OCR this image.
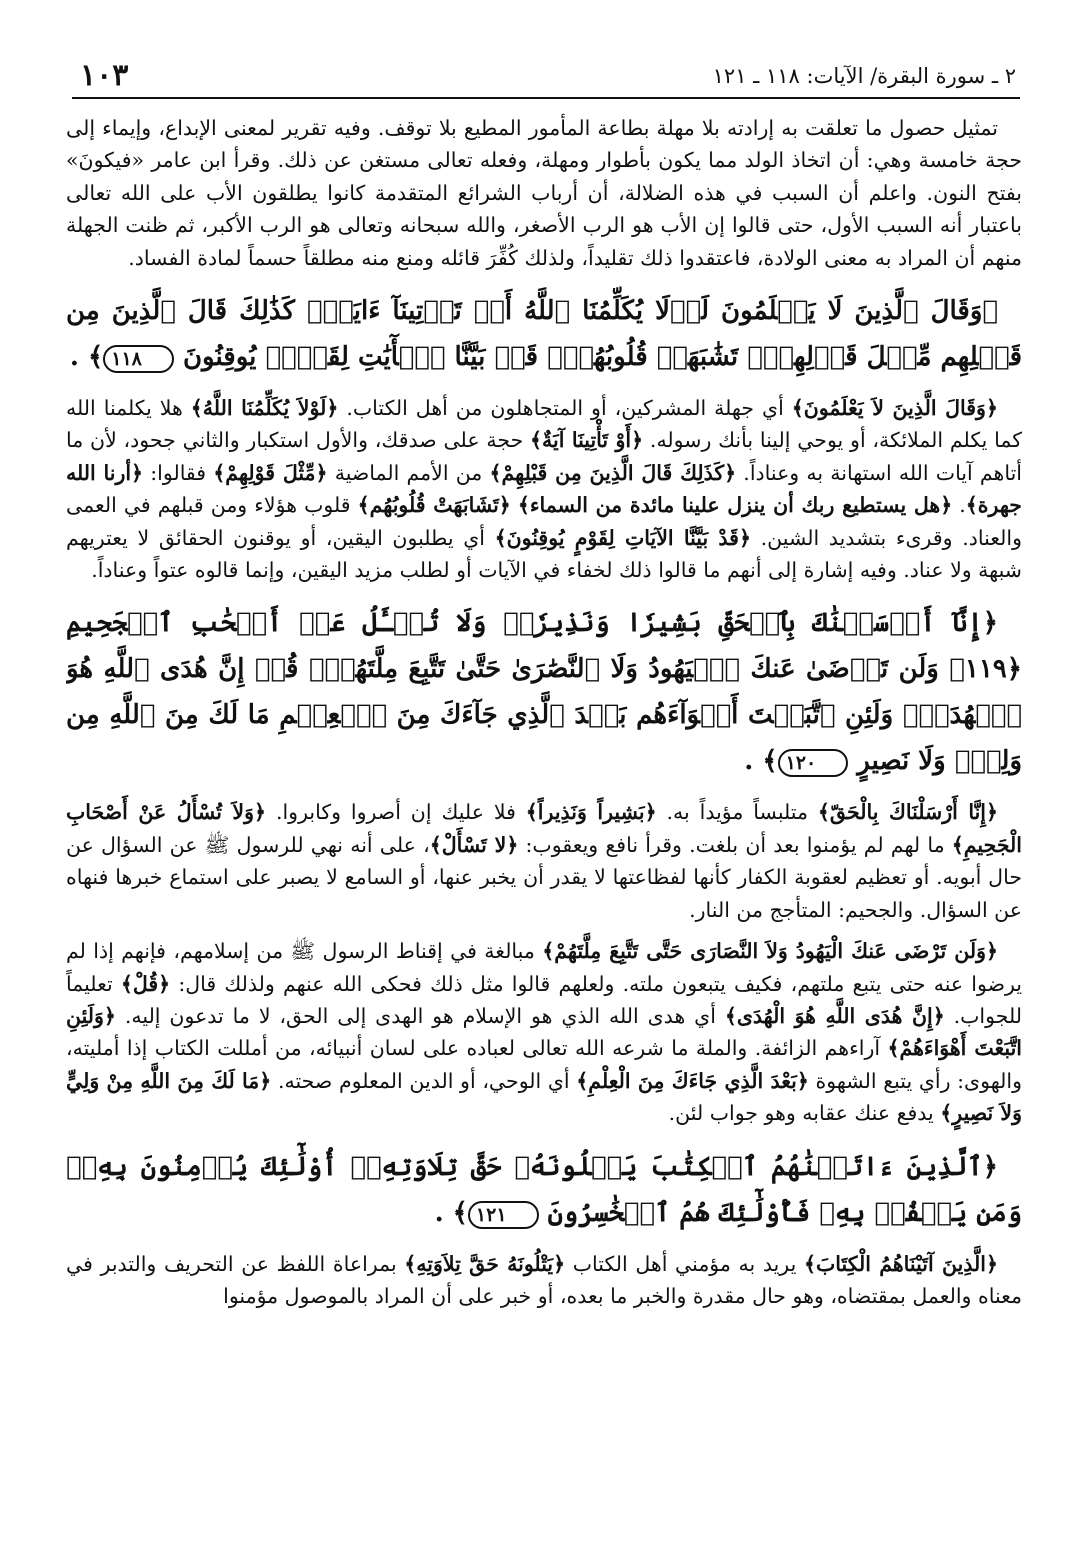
١٠٣	٢ ـ سورة البقرة/ الآيات: ١١٨ ـ ١٢١

تمثيل حصول ما تعلقت به إرادته بلا مهلة بطاعة المأمور المطيع بلا توقف. وفيه تقرير لمعنى الإبداع، وإيماء إلى حجة خامسة وهي: أن اتخاذ الولد مما يكون بأطوار ومهلة، وفعله تعالى مستغن عن ذلك. وقرأ ابن عامر «فيكونَ» بفتح النون. واعلم أن السبب في هذه الضلالة، أن أرباب الشرائع المتقدمة كانوا يطلقون الأب على الله تعالى باعتبار أنه السبب الأول، حتى قالوا إن الأب هو الرب الأصغر، والله سبحانه وتعالى هو الرب الأكبر، ثم ظنت الجهلة منهم أن المراد به معنى الولادة، فاعتقدوا ذلك تقليداً، ولذلك كُفِّرَ قائله ومنع منه مطلقاً حسماً لمادة الفساد.

﴿وَقَالَ ٱلَّذِينَ لَا يَعۡلَمُونَ لَوۡلَا يُكَلِّمُنَا ٱللَّهُ أَوۡ تَأۡتِينَآ ءَايَةٞۗ كَذَٰلِكَ قَالَ ٱلَّذِينَ مِن قَبۡلِهِم مِّثۡلَ قَوۡلِهِمۡۘ تَشَٰبَهَتۡ قُلُوبُهُمۡۗ قَدۡ بَيَّنَّا ٱلۡأٓيَٰتِ لِقَوۡمٖ يُوقِنُونَ ١١٨﴾ .

﴿وَقَالَ الَّذِينَ لاَ يَعْلَمُونَ﴾ أي جهلة المشركين، أو المتجاهلون من أهل الكتاب. ﴿لَوْلاَ يُكَلِّمُنَا اللَّهُ﴾ هلا يكلمنا الله كما يكلم الملائكة، أو يوحي إلينا بأنك رسوله. ﴿أَوْ تَأْتِينَا آيَةٌ﴾ حجة على صدقك، والأول استكبار والثاني جحود، لأن ما أتاهم آيات الله استهانة به وعناداً. ﴿كَذَلِكَ قَالَ الَّذِينَ مِن قَبْلِهِمْ﴾ من الأمم الماضية ﴿مِّثْلَ قَوْلِهِمْ﴾ فقالوا: ﴿أرنا الله جهرة﴾. ﴿هل يستطيع ربك أن ينزل علينا مائدة من السماء﴾ ﴿تَشَابَهَتْ قُلُوبُهُم﴾ قلوب هؤلاء ومن قبلهم في العمى والعناد. وقرىء بتشديد الشين. ﴿قَدْ بَيَّنَّا الآيَاتِ لِقَوْمٍ يُوقِنُونَ﴾ أي يطلبون اليقين، أو يوقنون الحقائق لا يعتريهم شبهة ولا عناد. وفيه إشارة إلى أنهم ما قالوا ذلك لخفاء في الآيات أو لطلب مزيد اليقين، وإنما قالوه عتواً وعناداً.

﴿إِنَّآ أَرۡسَلۡنَٰكَ بِٱلۡحَقِّ بَشِيرٗا وَنَذِيرٗاۖ وَلَا تُسۡـَٔلُ عَنۡ أَصۡحَٰبِ ٱلۡجَحِيمِ ﴿١١٩﴾ وَلَن تَرۡضَىٰ عَنكَ ٱلۡيَهُودُ وَلَا ٱلنَّصَٰرَىٰ حَتَّىٰ تَتَّبِعَ مِلَّتَهُمۡۗ قُلۡ إِنَّ هُدَى ٱللَّهِ هُوَ ٱلۡهُدَىٰۗ وَلَئِنِ ٱتَّبَعۡتَ أَهۡوَآءَهُم بَعۡدَ ٱلَّذِي جَآءَكَ مِنَ ٱلۡعِلۡمِ مَا لَكَ مِنَ ٱللَّهِ مِن وَلِيّٖ وَلَا نَصِيرٍ ١٢٠﴾ .

﴿إِنَّا أَرْسَلْنَاكَ بِالْحَقّ﴾ متلبساً مؤيداً به. ﴿بَشِيراً وَنَذِيراً﴾ فلا عليك إن أصروا وكابروا. ﴿وَلاَ تُسْأَلُ عَنْ أَصْحَابِ الْجَحِيمِ﴾ ما لهم لم يؤمنوا بعد أن بلغت. وقرأ نافع ويعقوب: ﴿لا تَسْأَلْ﴾، على أنه نهي للرسول ﷺ عن السؤال عن حال أبويه. أو تعظيم لعقوبة الكفار كأنها لفظاعتها لا يقدر أن يخبر عنها، أو السامع لا يصبر على استماع خبرها فنهاه عن السؤال. والجحيم: المتأجج من النار.

﴿وَلَن تَرْضَى عَنكَ الْيَهُودُ وَلاَ النَّصَارَى حَتَّى تَتَّبِعَ مِلَّتَهُمْ﴾ مبالغة في إقناط الرسول ﷺ من إسلامهم، فإنهم إذا لم يرضوا عنه حتى يتبع ملتهم، فكيف يتبعون ملته. ولعلهم قالوا مثل ذلك فحكى الله عنهم ولذلك قال: ﴿قُلْ﴾ تعليماً للجواب. ﴿إِنَّ هُدَى اللَّهِ هُوَ الْهُدَى﴾ أي هدى الله الذي هو الإسلام هو الهدى إلى الحق، لا ما تدعون إليه. ﴿وَلَئِنِ اتَّبَعْتَ أَهْوَاءَهُمْ﴾ آراءهم الزائفة. والملة ما شرعه الله تعالى لعباده على لسان أنبيائه، من أمللت الكتاب إذا أمليته، والهوى: رأي يتبع الشهوة ﴿بَعْدَ الَّذِي جَاءَكَ مِنَ الْعِلْمِ﴾ أي الوحي، أو الدين المعلوم صحته. ﴿مَا لَكَ مِنَ اللَّهِ مِنْ وَلِيٍّ وَلاَ نَصِيرٍ﴾ يدفع عنك عقابه وهو جواب لئن.

﴿ٱلَّذِينَ ءَاتَيۡنَٰهُمُ ٱلۡكِتَٰبَ يَتۡلُونَهُۥ حَقَّ تِلَاوَتِهِۦٓ أُوْلَٰٓئِكَ يُؤۡمِنُونَ بِهِۦۗ وَمَن يَكۡفُرۡ بِهِۦ فَأُوْلَٰٓئِكَ هُمُ ٱلۡخَٰسِرُونَ ١٢١﴾ .

﴿الَّذِينَ آتَيْنَاهُمُ الْكِتَابَ﴾ يريد به مؤمني أهل الكتاب ﴿يَتْلُونَهُ حَقَّ تِلاَوَتِهِ﴾ بمراعاة اللفظ عن التحريف والتدبر في معناه والعمل بمقتضاه، وهو حال مقدرة والخبر ما بعده، أو خبر على أن المراد بالموصول مؤمنوا
